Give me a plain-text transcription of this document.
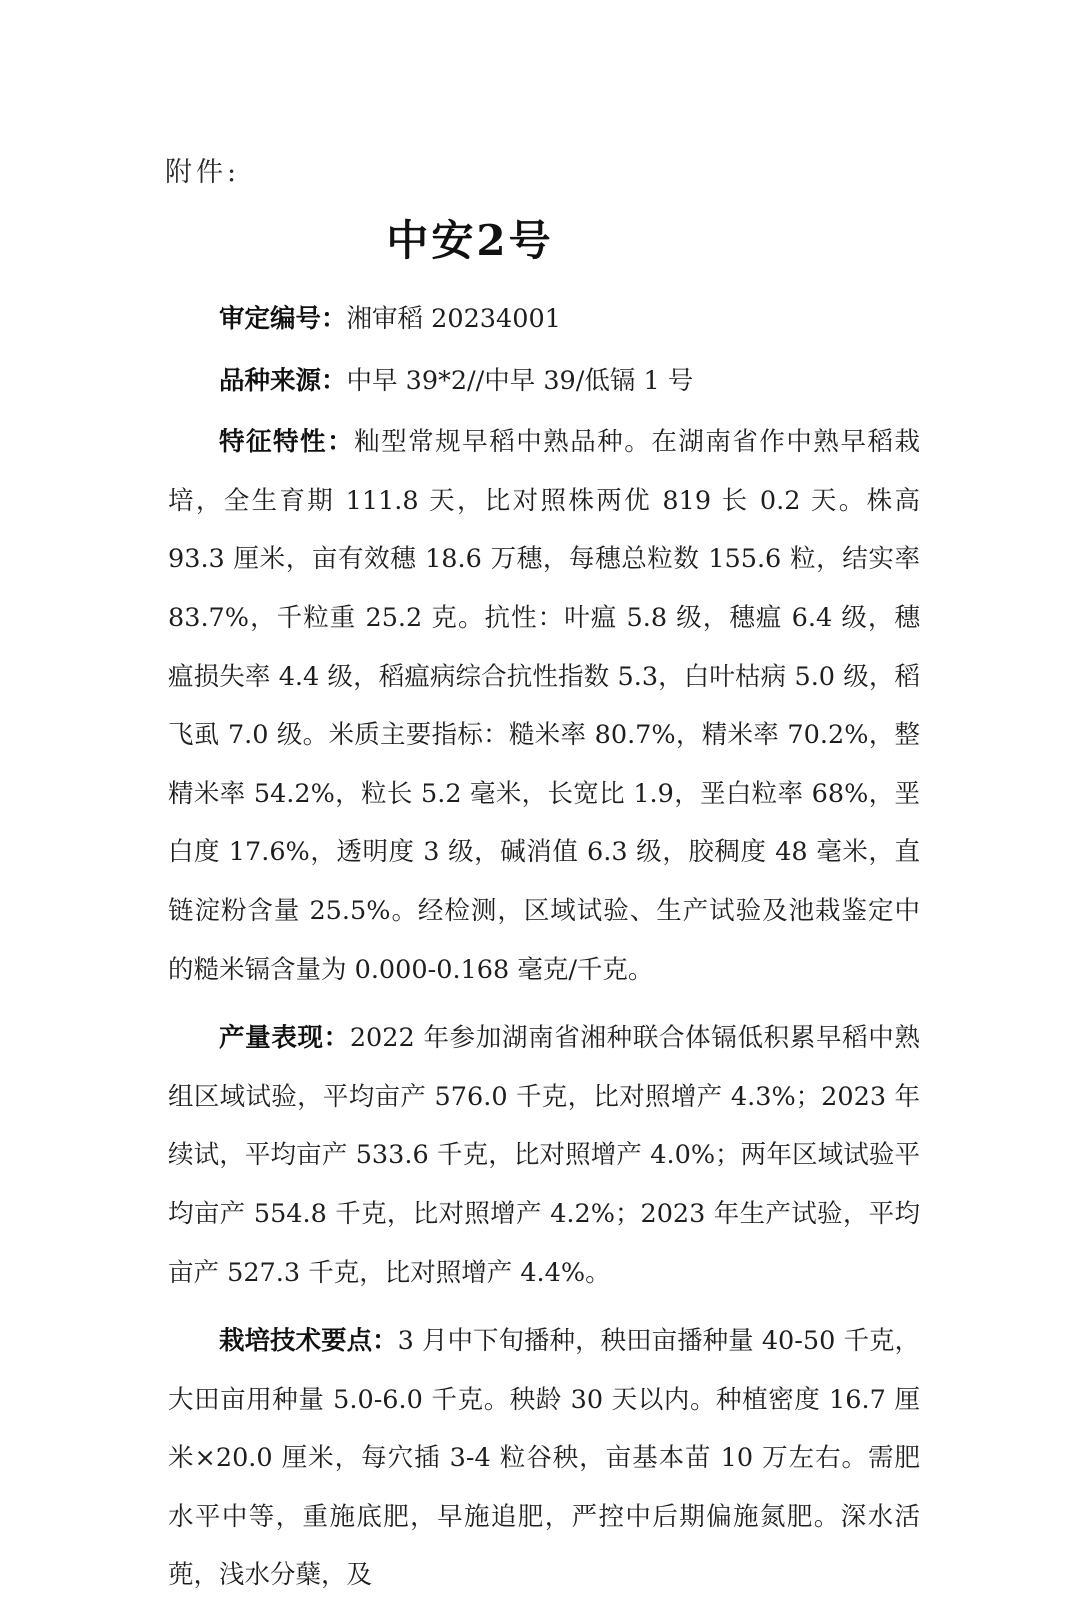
附件:
中安2号

审定编号：湘审稻 20234001

品种来源：中早 39*2//中早 39/低镉 1 号

特征特性：籼型常规早稻中熟品种。在湖南省作中熟早稻栽培，全生育期 111.8 天，比对照株两优 819 长 0.2 天。株高 93.3 厘米，亩有效穗 18.6 万穗，每穗总粒数 155.6 粒，结实率 83.7%，千粒重 25.2 克。抗性：叶瘟 5.8 级，穗瘟 6.4 级，穗瘟损失率 4.4 级，稻瘟病综合抗性指数 5.3，白叶枯病 5.0 级，稻飞虱 7.0 级。米质主要指标：糙米率 80.7%，精米率 70.2%，整精米率 54.2%，粒长 5.2 毫米，长宽比 1.9，垩白粒率 68%，垩白度 17.6%，透明度 3 级，碱消值 6.3 级，胶稠度 48 毫米，直链淀粉含量 25.5%。经检测，区域试验、生产试验及池栽鉴定中的糙米镉含量为 0.000-0.168 毫克/千克。

产量表现：2022 年参加湖南省湘种联合体镉低积累早稻中熟组区域试验，平均亩产 576.0 千克，比对照增产 4.3%；2023 年续试，平均亩产 533.6 千克，比对照增产 4.0%；两年区域试验平均亩产 554.8 千克，比对照增产 4.2%；2023 年生产试验，平均亩产 527.3 千克，比对照增产 4.4%。

栽培技术要点：3 月中下旬播种，秧田亩播种量 40-50 千克，大田亩用种量 5.0-6.0 千克。秧龄 30 天以内。种植密度 16.7 厘米×20.0 厘米，每穴插 3-4 粒谷秧，亩基本苗 10 万左右。需肥水平中等，重施底肥，早施追肥，严控中后期偏施氮肥。深水活蔸，浅水分蘖，及
